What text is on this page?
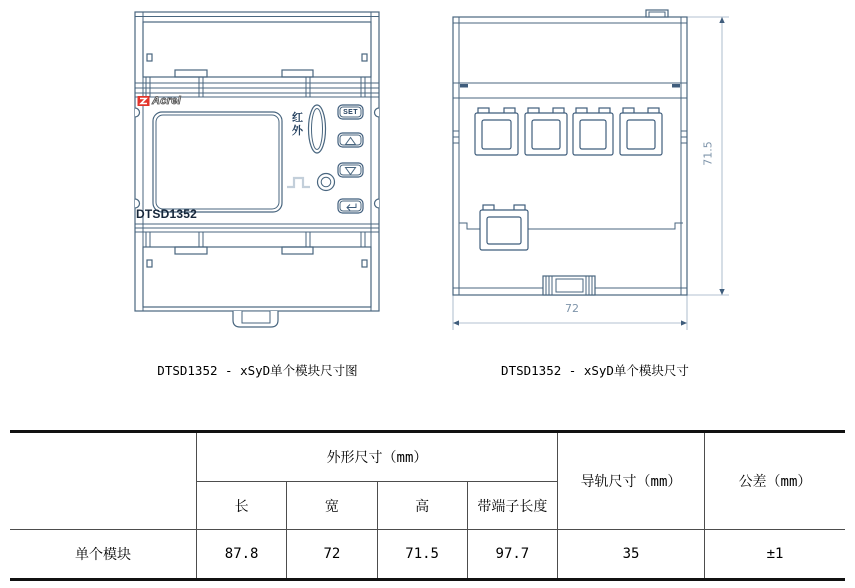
Acrel
红外
SET
DTSD1352
DTSD1352 - xSyD单个模块尺寸图
71.5
72
DTSD1352 - xSyD单个模块尺寸
	外形尺寸（mm）				导轨尺寸（mm）	公差（mm）
	长	宽	高	带端子长度		
单个模块	87.8	72	71.5	97.7	35	±1
